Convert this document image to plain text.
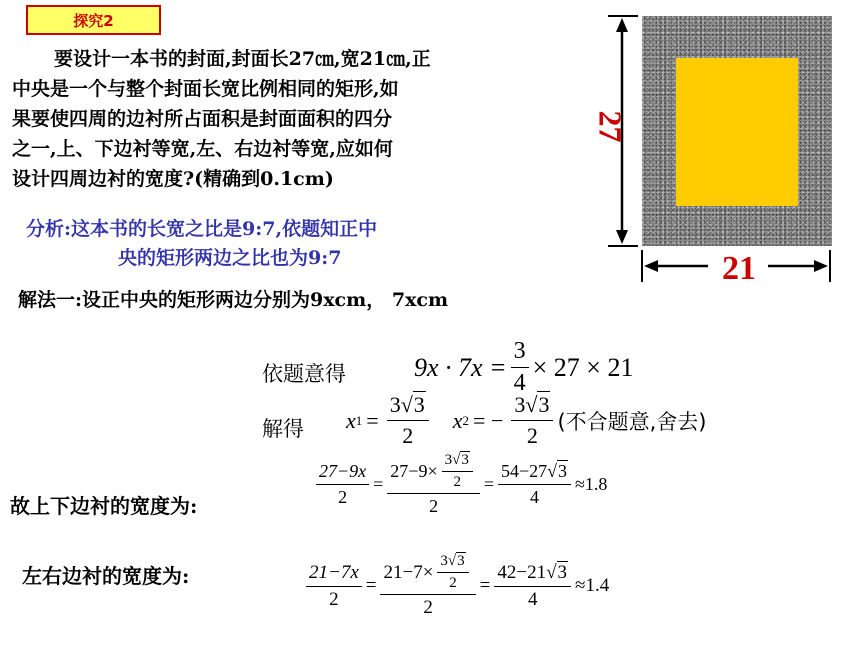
探究2
要设计一本书的封面,封面长27㎝,宽21㎝,正
中央是一个与整个封面长宽比例相同的矩形,如
果要使四周的边衬所占面积是封面面积的四分
之一,上、下边衬等宽,左、右边衬等宽,应如何
设计四周边衬的宽度?(精确到0.1cm)
分析:这本书的长宽之比是9:7,依题知正中
央的矩形两边之比也为9:7
解法一:设正中央的矩形两边分别为9xcm， 7xcm
依题意得	$9x \cdot 7x = \frac{3}{4} \times 27 \times 21$
解得 x $1 = \frac{3√3}{2}$ x 2 = − $\frac{3√3}{2}$ (不合题意,舍去)
故上下边衬的宽度为:	$\frac{27-9x}{2} = \frac{27-9\times \frac{3√3}{2}}{2} = \frac{54-27√3}{4} \approx 1.8$
左右边衬的宽度为:	$\frac{21-7x}{2} = \frac{21-7\times \frac{3√3}{2}}{2} = \frac{42-21√3}{4} \approx 1.4$
27
21
